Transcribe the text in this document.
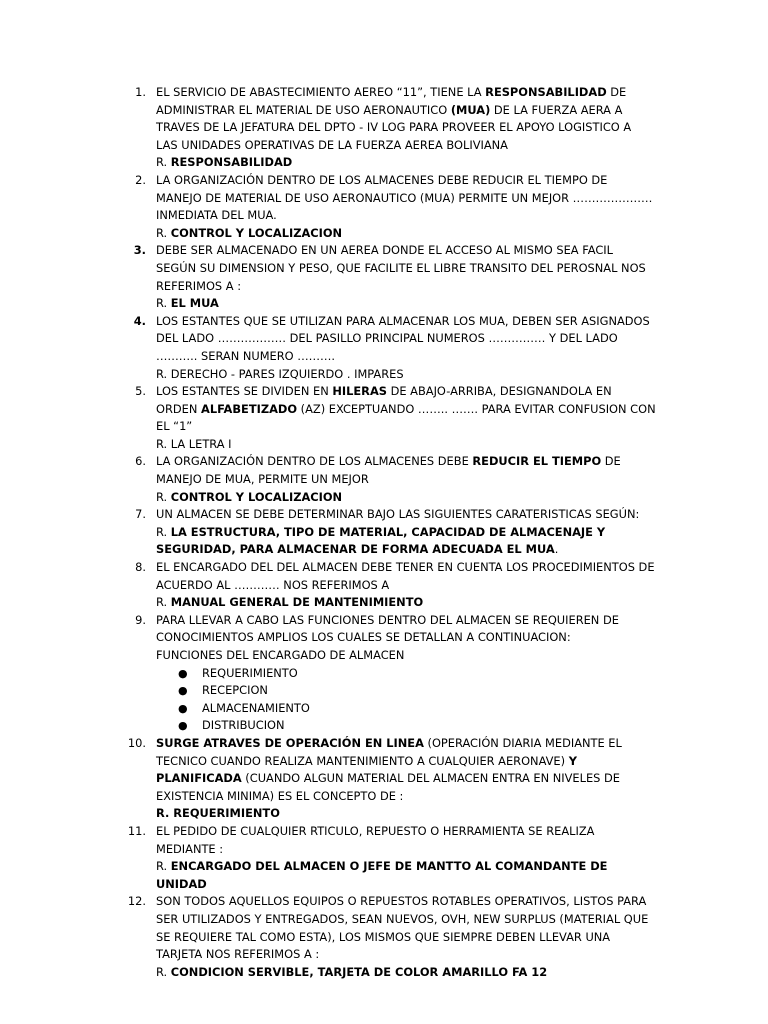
1. EL SERVICIO DE ABASTECIMIENTO AEREO “11”, TIENE LA RESPONSABILIDAD DE ADMINISTRAR EL MATERIAL DE USO AERONAUTICO (MUA) DE LA FUERZA AERA A TRAVES DE LA JEFATURA DEL DPTO - IV LOG PARA PROVEER EL APOYO LOGISTICO A LAS UNIDADES OPERATIVAS DE LA FUERZA AEREA BOLIVIANA
R. RESPONSABILIDAD
2. LA ORGANIZACIÓN DENTRO DE LOS ALMACENES DEBE REDUCIR EL TIEMPO DE MANEJO DE MATERIAL DE USO AERONAUTICO (MUA) PERMITE UN MEJOR ………………… INMEDIATA DEL MUA.
R. CONTROL Y LOCALIZACION
3. DEBE SER ALMACENADO EN UN AEREA DONDE EL ACCESO AL MISMO SEA FACIL SEGÚN SU DIMENSION Y PESO, QUE FACILITE EL LIBRE TRANSITO DEL PEROSNAL NOS REFERIMOS A :
R. EL MUA
4. LOS ESTANTES QUE SE UTILIZAN PARA ALMACENAR LOS MUA, DEBEN SER ASIGNADOS DEL LADO ……………… DEL PASILLO PRINCIPAL NUMEROS …………… Y DEL LADO ……….. SERAN NUMERO ……….
R. DERECHO - PARES IZQUIERDO . IMPARES
5. LOS ESTANTES SE DIVIDEN EN HILERAS DE ABAJO-ARRIBA, DESIGNANDOLA EN ORDEN ALFABETIZADO (AZ) EXCEPTUANDO …….. ……. PARA EVITAR CONFUSION CON EL “1”
R. LA LETRA I
6. LA ORGANIZACIÓN DENTRO DE LOS ALMACENES DEBE REDUCIR EL TIEMPO DE MANEJO DE MUA, PERMITE UN MEJOR
R. CONTROL Y LOCALIZACION
7. UN ALMACEN SE DEBE DETERMINAR BAJO LAS SIGUIENTES CARATERISTICAS SEGÚN:
R. LA ESTRUCTURA, TIPO DE MATERIAL, CAPACIDAD DE ALMACENAJE Y SEGURIDAD, PARA ALMACENAR DE FORMA ADECUADA EL MUA.
8. EL ENCARGADO DEL DEL ALMACEN DEBE TENER EN CUENTA LOS PROCEDIMIENTOS DE ACUERDO AL ………… NOS REFERIMOS A
R. MANUAL GENERAL DE MANTENIMIENTO
9. PARA LLEVAR A CABO LAS FUNCIONES DENTRO DEL ALMACEN SE REQUIEREN DE CONOCIMIENTOS AMPLIOS LOS CUALES SE DETALLAN A CONTINUACION:
FUNCIONES DEL ENCARGADO DE ALMACEN
● REQUERIMIENTO
● RECEPCION
● ALMACENAMIENTO
● DISTRIBUCION
10. SURGE ATRAVES DE OPERACIÓN EN LINEA (OPERACIÓN DIARIA MEDIANTE EL TECNICO CUANDO REALIZA MANTENIMIENTO A CUALQUIER AERONAVE) Y PLANIFICADA (CUANDO ALGUN MATERIAL DEL ALMACEN ENTRA EN NIVELES DE EXISTENCIA MINIMA) ES EL CONCEPTO DE :
R. REQUERIMIENTO
11. EL PEDIDO DE CUALQUIER RTICULO, REPUESTO O HERRAMIENTA SE REALIZA MEDIANTE :
R. ENCARGADO DEL ALMACEN O JEFE DE MANTTO AL COMANDANTE DE UNIDAD
12. SON TODOS AQUELLOS EQUIPOS O REPUESTOS ROTABLES OPERATIVOS, LISTOS PARA SER UTILIZADOS Y ENTREGADOS, SEAN NUEVOS, OVH, NEW SURPLUS (MATERIAL QUE SE REQUIERE TAL COMO ESTA), LOS MISMOS QUE SIEMPRE DEBEN LLEVAR UNA TARJETA NOS REFERIMOS A :
R. CONDICION SERVIBLE, TARJETA DE COLOR AMARILLO FA 12
